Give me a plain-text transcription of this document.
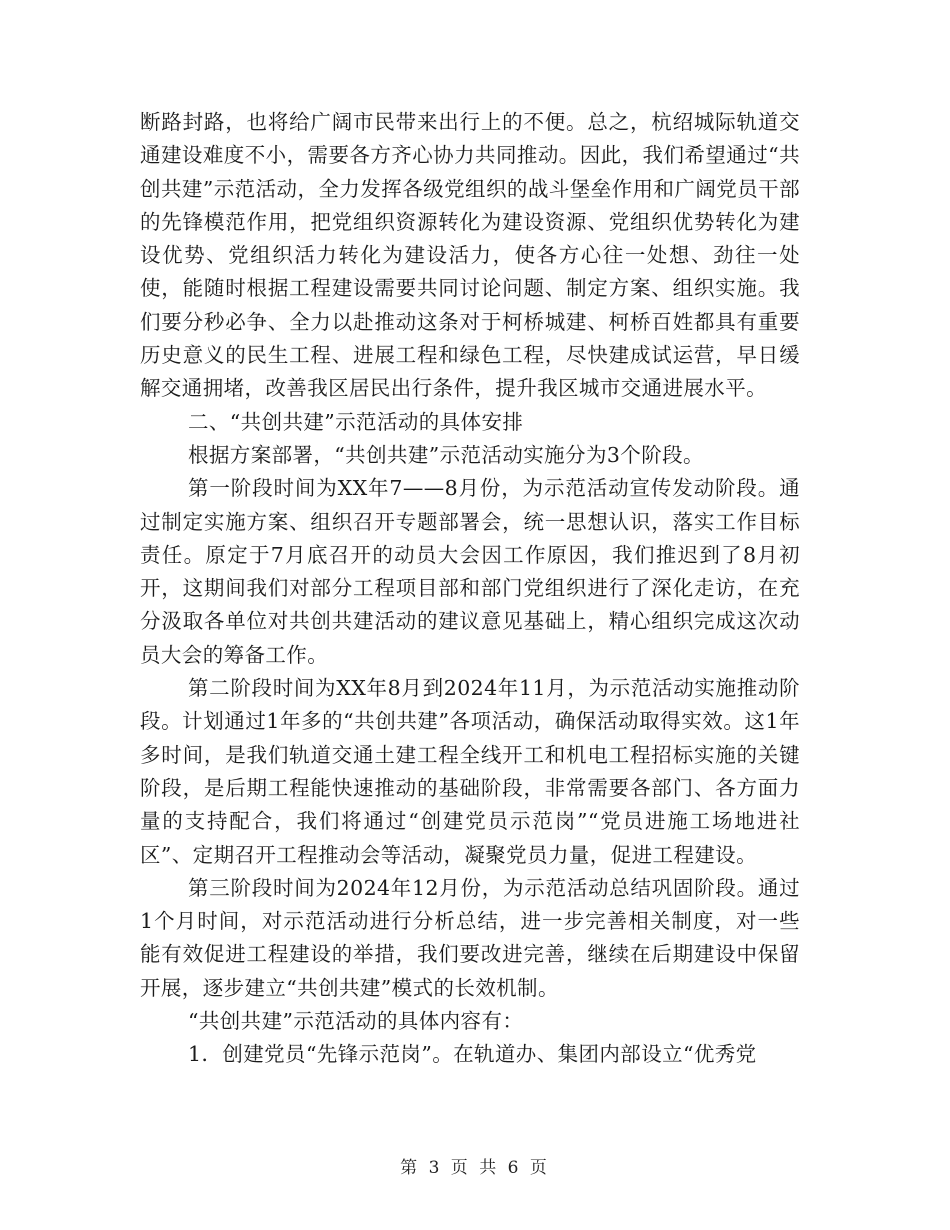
断路封路，也将给广阔市民带来出行上的不便。总之，杭绍城际轨道交通建设难度不小，需要各方齐心协力共同推动。因此，我们希望通过“共创共建”示范活动，全力发挥各级党组织的战斗堡垒作用和广阔党员干部的先锋模范作用，把党组织资源转化为建设资源、党组织优势转化为建设优势、党组织活力转化为建设活力，使各方心往一处想、劲往一处使，能随时根据工程建设需要共同讨论问题、制定方案、组织实施。我们要分秒必争、全力以赴推动这条对于柯桥城建、柯桥百姓都具有重要历史意义的民生工程、进展工程和绿色工程，尽快建成试运营，早日缓解交通拥堵，改善我区居民出行条件，提升我区城市交通进展水平。

二、“共创共建”示范活动的具体安排

根据方案部署，“共创共建”示范活动实施分为3个阶段。

第一阶段时间为XX年7——8月份，为示范活动宣传发动阶段。通过制定实施方案、组织召开专题部署会，统一思想认识，落实工作目标责任。原定于7月底召开的动员大会因工作原因，我们推迟到了8月初开，这期间我们对部分工程项目部和部门党组织进行了深化走访，在充分汲取各单位对共创共建活动的建议意见基础上，精心组织完成这次动员大会的筹备工作。

第二阶段时间为XX年8月到2024年11月，为示范活动实施推动阶段。计划通过1年多的“共创共建”各项活动，确保活动取得实效。这1年多时间，是我们轨道交通土建工程全线开工和机电工程招标实施的关键阶段，是后期工程能快速推动的基础阶段，非常需要各部门、各方面力量的支持配合，我们将通过“创建党员示范岗”“党员进施工场地进社区”、定期召开工程推动会等活动，凝聚党员力量，促进工程建设。

第三阶段时间为2024年12月份，为示范活动总结巩固阶段。通过1个月时间，对示范活动进行分析总结，进一步完善相关制度，对一些能有效促进工程建设的举措，我们要改进完善，继续在后期建设中保留开展，逐步建立“共创共建”模式的长效机制。

“共创共建”示范活动的具体内容有：

1．创建党员“先锋示范岗”。在轨道办、集团内部设立“优秀党

第 3 页 共 6 页
